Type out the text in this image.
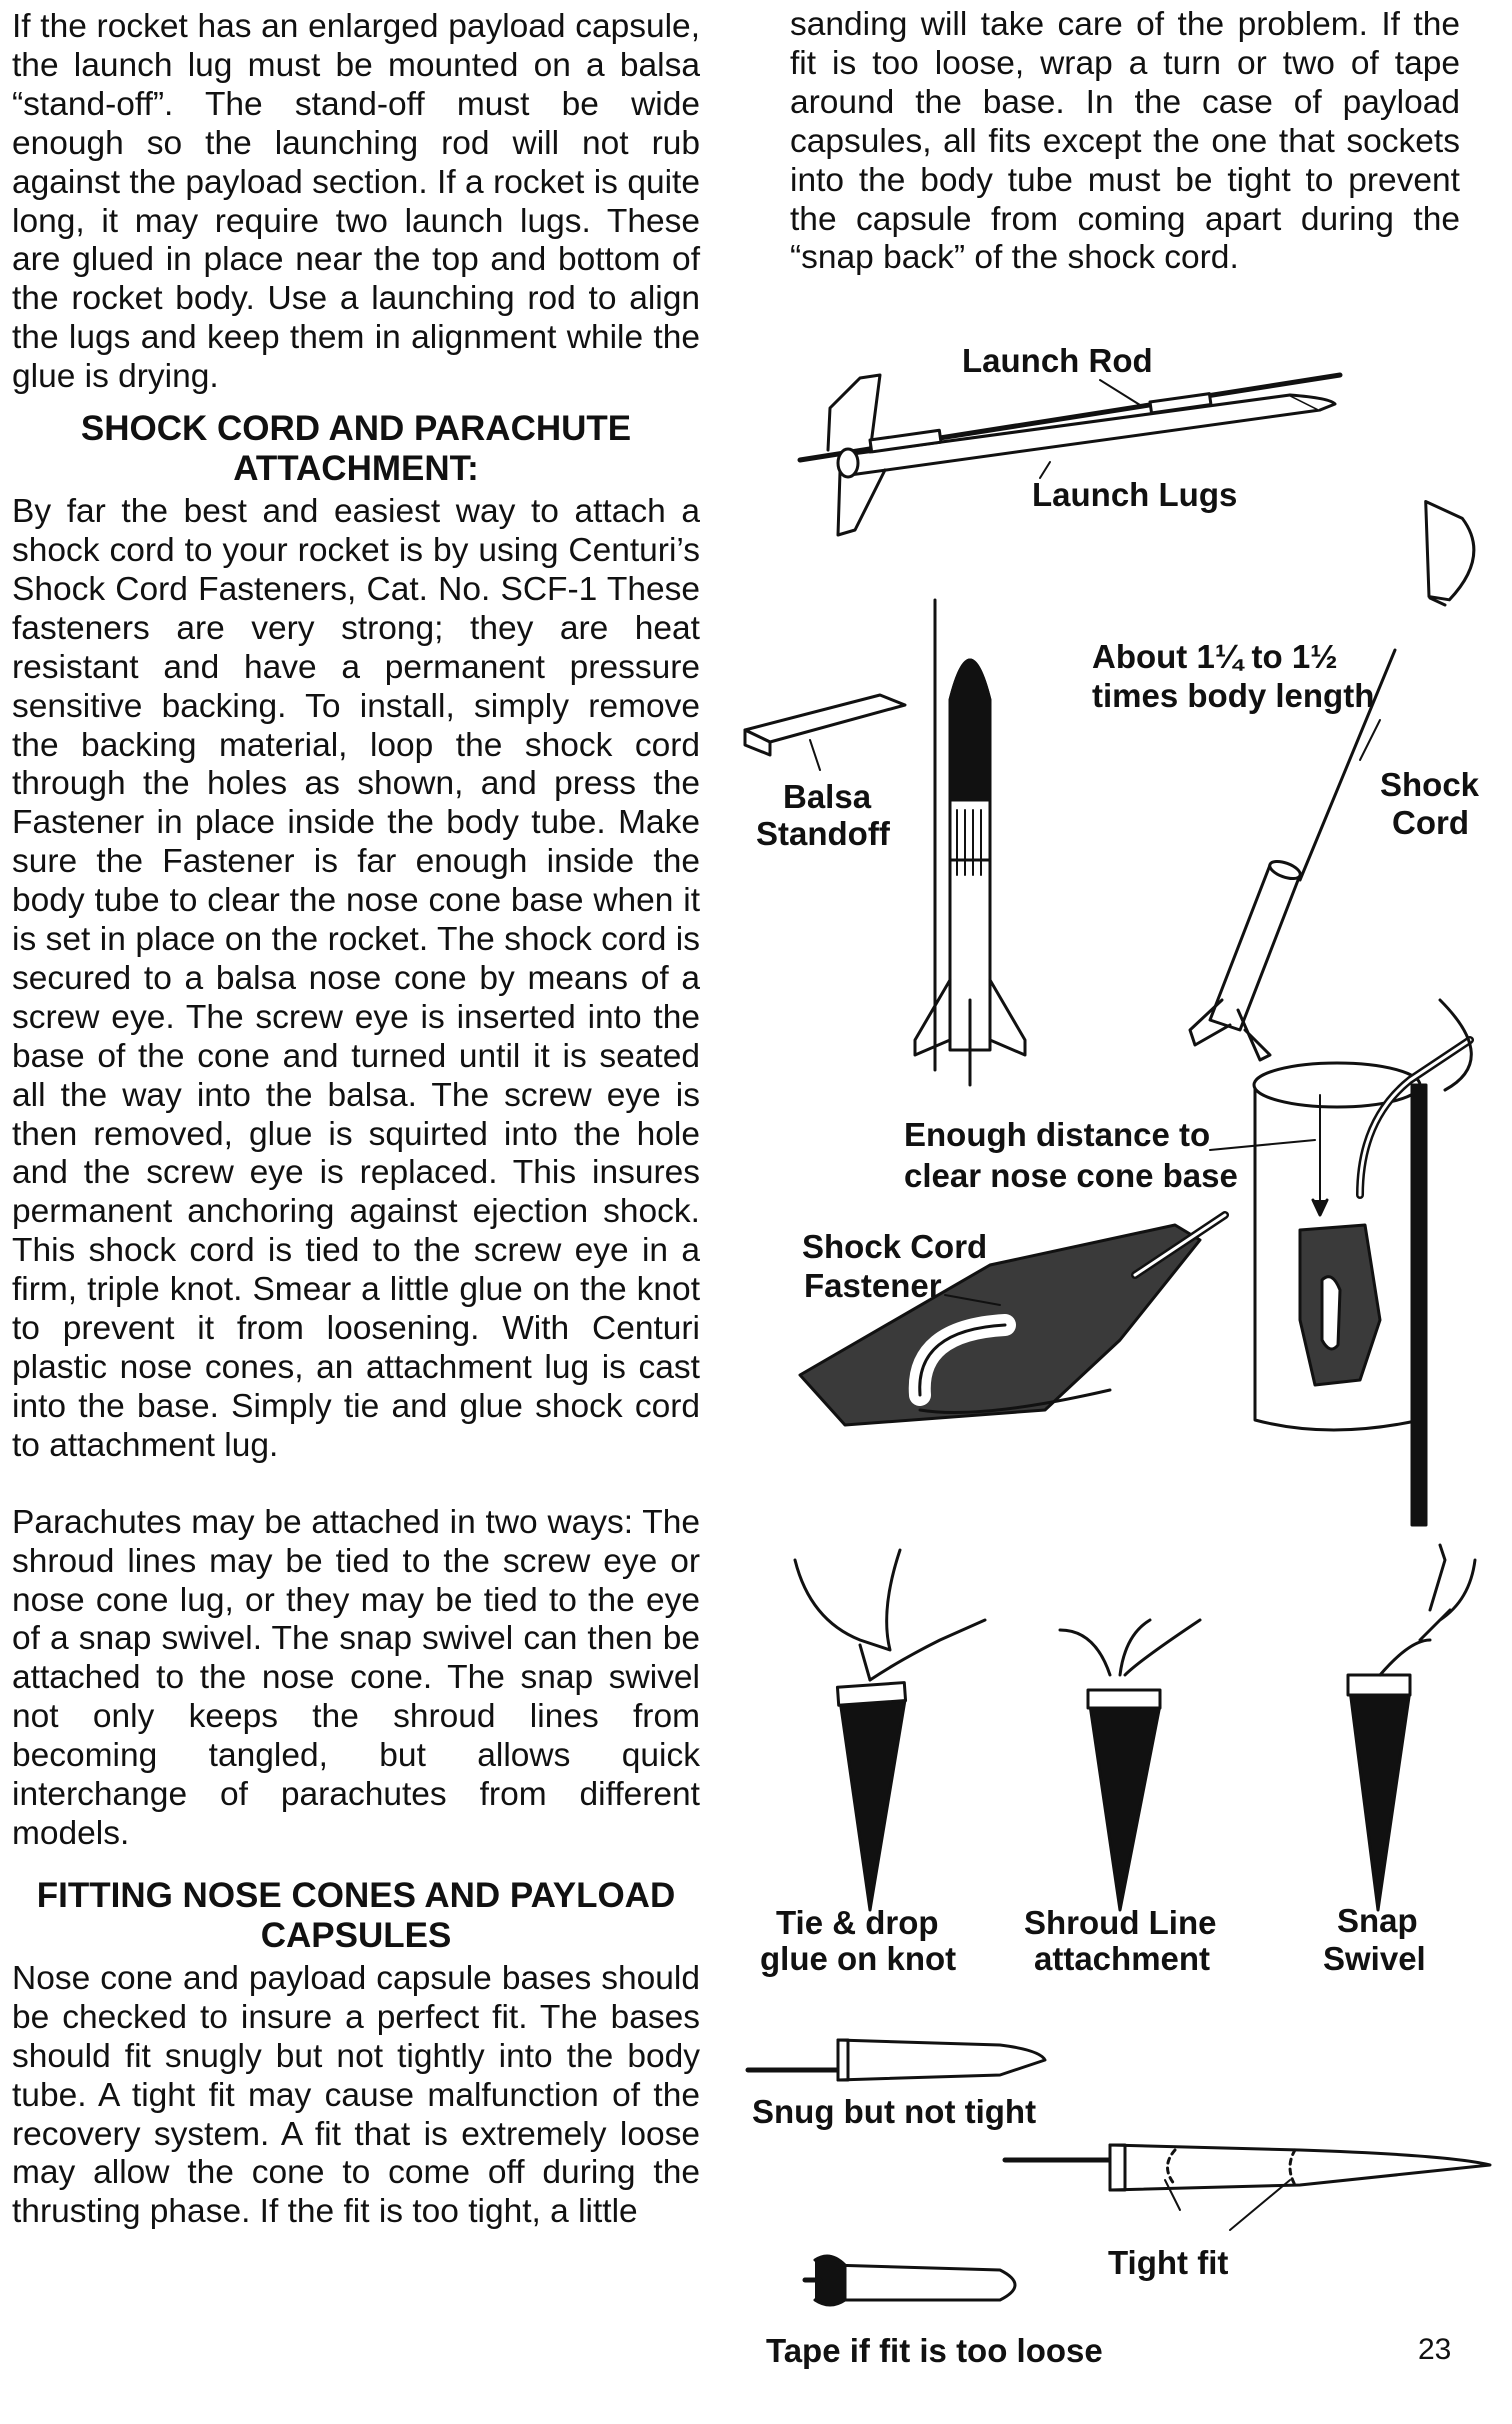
If the rocket has an enlarged payload capsule, the launch lug must be mounted on a balsa “stand-off”. The stand-off must be wide enough so the launching rod will not rub against the payload section. If a rocket is quite long, it may require two launch lugs. These are glued in place near the top and bottom of the rocket body. Use a launching rod to align the lugs and keep them in alignment while the glue is drying.

SHOCK CORD AND PARACHUTE ATTACHMENT:

By far the best and easiest way to attach a shock cord to your rocket is by using Centuri’s Shock Cord Fasteners, Cat. No. SCF-1 These fasteners are very strong; they are heat resistant and have a permanent pressure sensitive backing. To install, simply remove the backing material, loop the shock cord through the holes as shown, and press the Fastener in place inside the body tube. Make sure the Fastener is far enough inside the body tube to clear the nose cone base when it is set in place on the rocket. The shock cord is secured to a balsa nose cone by means of a screw eye. The screw eye is inserted into the base of the cone and turned until it is seated all the way into the balsa. The screw eye is then removed, glue is squirted into the hole and the screw eye is replaced. This insures permanent anchoring against ejection shock. This shock cord is tied to the screw eye in a firm, triple knot. Smear a little glue on the knot to prevent it from loosening. With Centuri plastic nose cones, an attachment lug is cast into the base. Simply tie and glue shock cord to attachment lug.

Parachutes may be attached in two ways: The shroud lines may be tied to the screw eye or nose cone lug, or they may be tied to the eye of a snap swivel. The snap swivel can then be attached to the nose cone. The snap swivel not only keeps the shroud lines from becoming tangled, but allows quick interchange of parachutes from different models.

FITTING NOSE CONES AND PAYLOAD CAPSULES

Nose cone and payload capsule bases should be checked to insure a perfect fit. The bases should fit snugly but not tightly into the body tube. A tight fit may cause malfunction of the recovery system. A fit that is extremely loose may allow the cone to come off during the thrusting phase. If the fit is too tight, a little

sanding will take care of the problem. If the fit is too loose, wrap a turn or two of tape around the base. In the case of payload capsules, all fits except the one that sockets into the body tube must be tight to prevent the capsule from coming apart during the “snap back” of the shock cord.

Launch Rod
Launch Lugs
About 1¼ to 1½
times body length
Balsa
Standoff
Shock
Cord
Enough distance to
clear nose cone base
Shock Cord
Fastener
Tie & drop
glue on knot
Shroud Line
attachment
Snap
Swivel
Snug but not tight
Tight fit
Tape if fit is too loose	23
